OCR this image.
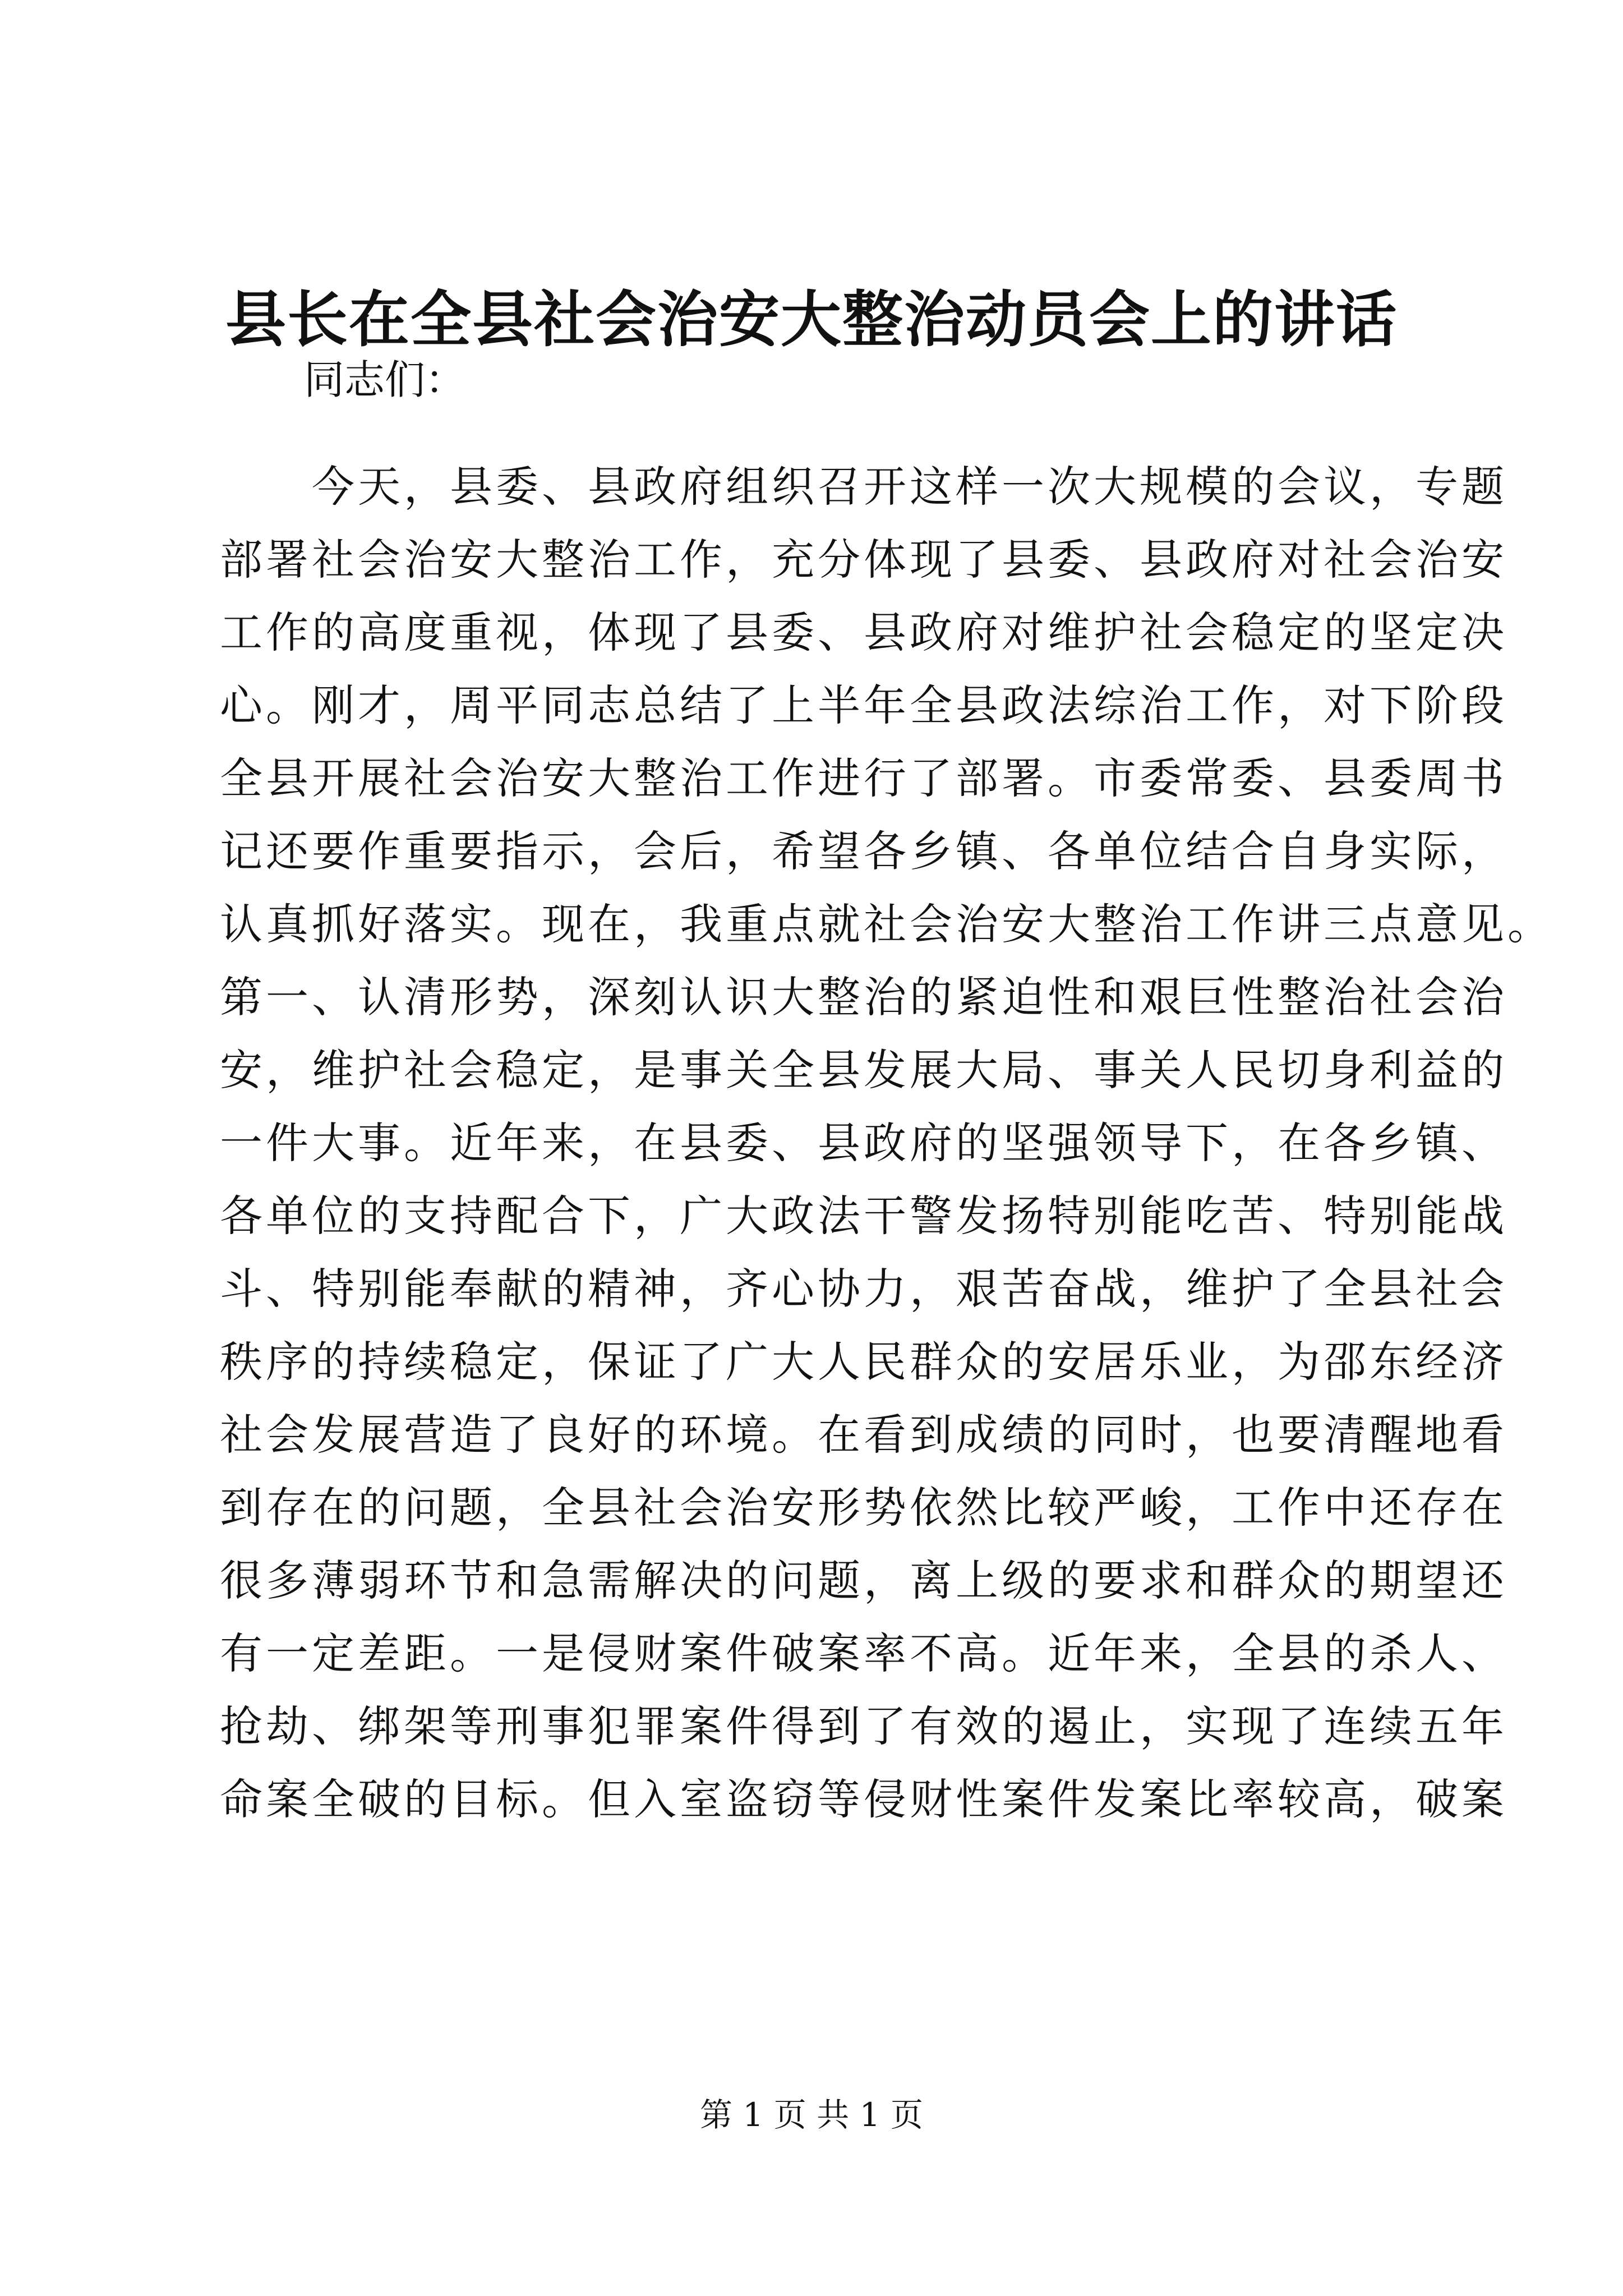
县长在全县社会治安大整治动员会上的讲话
同志们：
　　今天，县委、县政府组织召开这样一次大规模的会议，专题
部署社会治安大整治工作，充分体现了县委、县政府对社会治安
工作的高度重视，体现了县委、县政府对维护社会稳定的坚定决
心。刚才，周平同志总结了上半年全县政法综治工作，对下阶段
全县开展社会治安大整治工作进行了部署。市委常委、县委周书
记还要作重要指示，会后，希望各乡镇、各单位结合自身实际，
认真抓好落实。现在，我重点就社会治安大整治工作讲三点意见。
第一、认清形势，深刻认识大整治的紧迫性和艰巨性整治社会治
安，维护社会稳定，是事关全县发展大局、事关人民切身利益的
一件大事。近年来，在县委、县政府的坚强领导下，在各乡镇、
各单位的支持配合下，广大政法干警发扬特别能吃苦、特别能战
斗、特别能奉献的精神，齐心协力，艰苦奋战，维护了全县社会
秩序的持续稳定，保证了广大人民群众的安居乐业，为邵东经济
社会发展营造了良好的环境。在看到成绩的同时，也要清醒地看
到存在的问题，全县社会治安形势依然比较严峻，工作中还存在
很多薄弱环节和急需解决的问题，离上级的要求和群众的期望还
有一定差距。一是侵财案件破案率不高。近年来，全县的杀人、
抢劫、绑架等刑事犯罪案件得到了有效的遏止，实现了连续五年
命案全破的目标。但入室盗窃等侵财性案件发案比率较高，破案
第 1 页 共 1 页
